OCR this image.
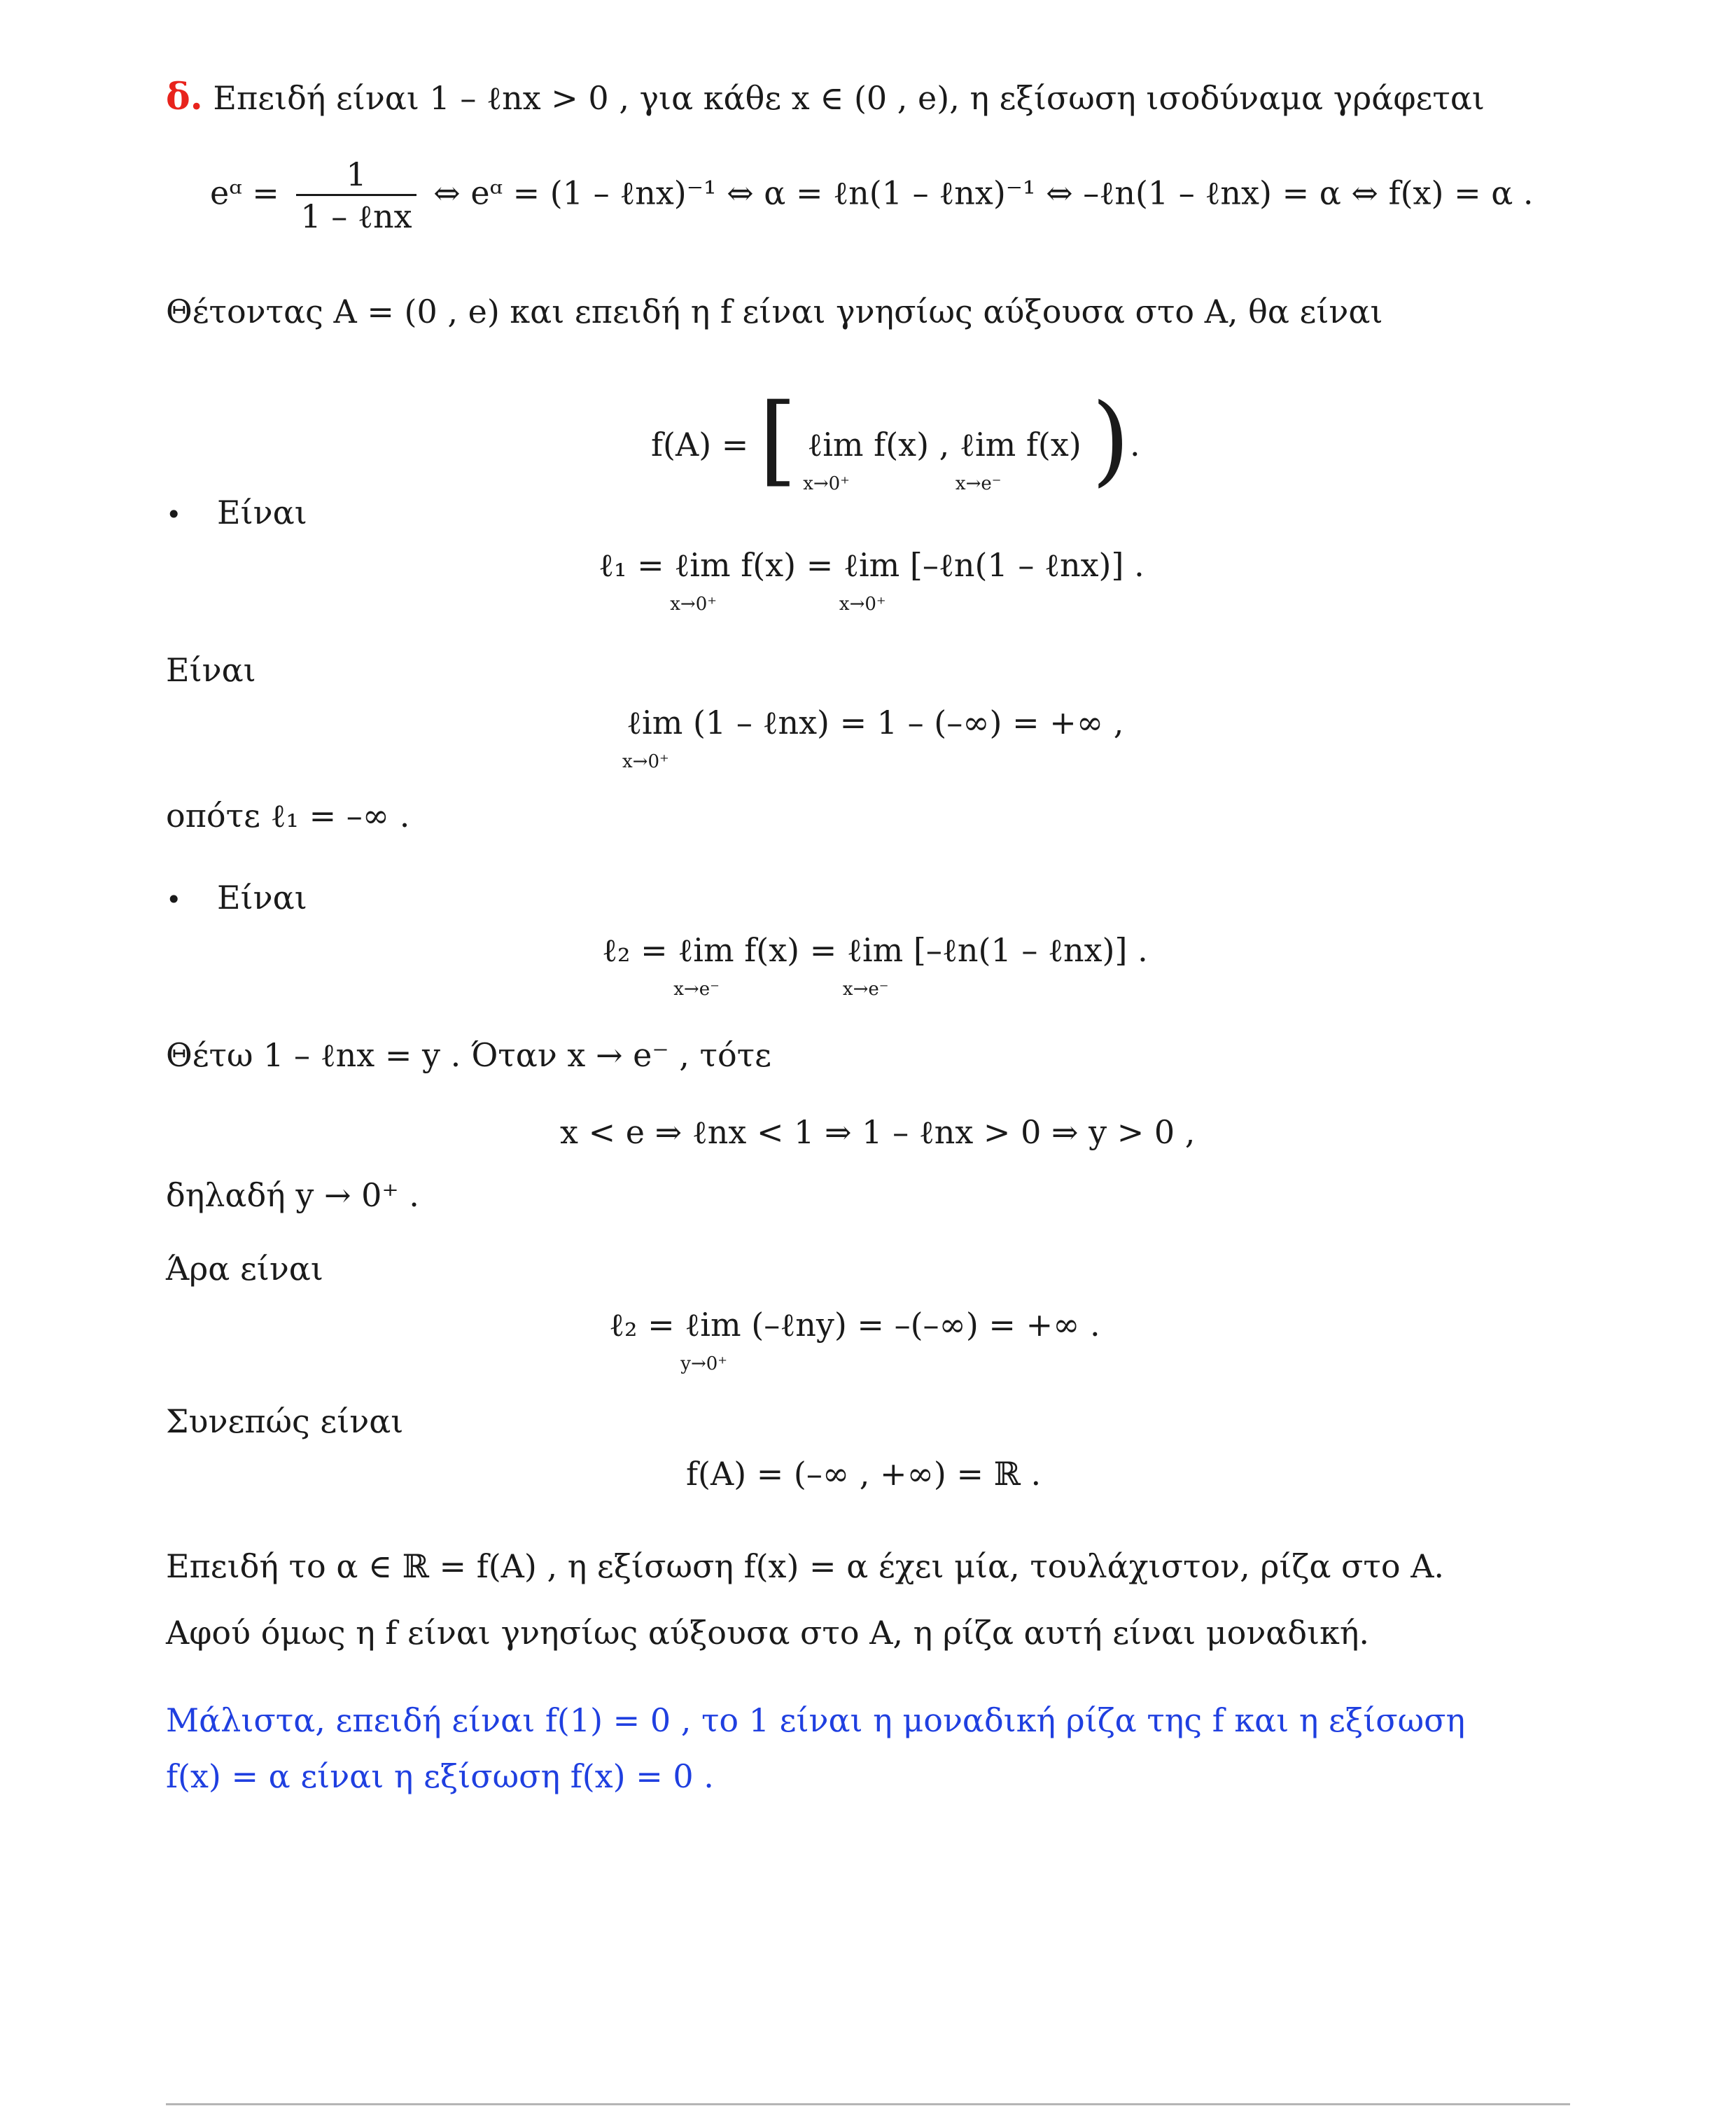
δ. Επειδή είναι 1 – ℓnx > 0 , για κάθε x ∈ (0 , e), η εξίσωση ισοδύναμα γράφεται
eᵅ = $\frac{1}{\text{1 – ℓnx}}$ ⇔ eᵅ = (1 – ℓnx)⁻¹ ⇔ α = ℓn(1 – ℓnx)⁻¹ ⇔ –ℓn(1 – ℓnx) = α ⇔ f(x) = α .
Θέτοντας A = (0 , e) και επειδή η f είναι γνησίως αύξουσα στο A, θα είναι
f(A) = [ ℓim f(x)
x→0⁺
, ℓim f(x)
x→e⁻ ).
• Είναι
ℓ₁ = ℓim f(x) =
x→0⁺
ℓim [–ℓn(1 – ℓnx)] .
x→0⁺
Είναι
ℓim (1 – ℓnx) = 1 – (–∞) = +∞ ,
x→0⁺
οπότε ℓ₁ = –∞ .
• Είναι
ℓ₂ = ℓim f(x) =
x→e⁻
ℓim [–ℓn(1 – ℓnx)] .
x→e⁻
Θέτω 1 – ℓnx = y . Όταν x → e⁻ , τότε
x < e ⇒ ℓnx < 1 ⇒ 1 – ℓnx > 0 ⇒ y > 0 ,
δηλαδή y → 0⁺ .
Άρα είναι
ℓ₂ = ℓim (–ℓny) = –(–∞) = +∞ .
y→0⁺
Συνεπώς είναι
f(A) = (–∞ , +∞) = ℝ .
Επειδή το α ∈ ℝ = f(A) , η εξίσωση f(x) = α έχει μία, τουλάχιστον, ρίζα στο A.
Αφού όμως η f είναι γνησίως αύξουσα στο A, η ρίζα αυτή είναι μοναδική.
Μάλιστα, επειδή είναι f(1) = 0 , το 1 είναι η μοναδική ρίζα της f και η εξίσωση
f(x) = α είναι η εξίσωση f(x) = 0 .
